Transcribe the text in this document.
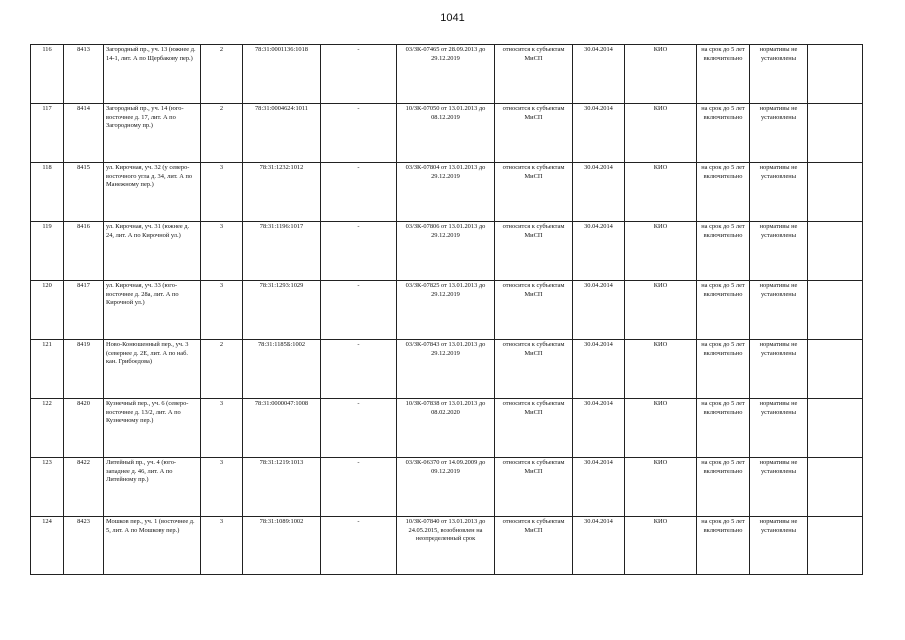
1041
116	8413	Загородный пр., уч. 13 (южнее д. 14-1, лит. А по Щербакову пер.)	2	78:31:0001136:1018	-	03/ЗК-07465 от 28.09.2013 до 29.12.2019	относится к субъектам МиСП	30.04.2014	КИО	на срок до 5 лет включительно	нормативы не установлены	
117	8414	Загородный пр., уч. 14 (юго-восточнее д. 17, лит. А по Загородному пр.)	2	78:31:0004624:1011	-	10/ЗК-07050 от 13.01.2013 до 08.12.2019	относится к субъектам МиСП	30.04.2014	КИО	на срок до 5 лет включительно	нормативы не установлены	
118	8415	ул. Кирочная, уч. 32 (у северо-восточного угла д. 34, лит. А по Манежному пер.)	3	78:31:1232:1012	-	03/ЗК-07804 от 13.01.2013 до 29.12.2019	относится к субъектам МиСП	30.04.2014	КИО	на срок до 5 лет включительно	нормативы не установлены	
119	8416	ул. Кирочная, уч. 31 (южнее д. 24, лит. А по Кирочной ул.)	3	78:31:1196:1017	-	03/ЗК-07806 от 13.01.2013 до 29.12.2019	относится к субъектам МиСП	30.04.2014	КИО	на срок до 5 лет включительно	нормативы не установлены	
120	8417	ул. Кирочная, уч. 33 (юго-восточнее д. 28а, лит. А по Кирочной ул.)	3	78:31:1293:1029	-	03/ЗК-07825 от 13.01.2013 до 29.12.2019	относится к субъектам МиСП	30.04.2014	КИО	на срок до 5 лет включительно	нормативы не установлены	
121	8419	Ново-Конюшенный пер., уч. 3 (севернее д. 2Е, лит. А по наб. кан. Грибоедова)	2	78:31:1185Б:1002	-	03/ЗК-07843 от 13.01.2013 до 29.12.2019	относится к субъектам МиСП	30.04.2014	КИО	на срок до 5 лет включительно	нормативы не установлены	
122	8420	Кузнечный пер., уч. 6 (северо-восточнее д. 13/2, лит. А по Кузнечному пер.)	3	78:31:0000047:1008	-	10/ЗК-07838 от 13.01.2013 до 08.02.2020	относится к субъектам МиСП	30.04.2014	КИО	на срок до 5 лет включительно	нормативы не установлены	
123	8422	Литейный пр., уч. 4 (юго-западнее д. 46, лит. А по Литейному пр.)	3	78:31:1219:1013	-	03/ЗК-06370 от 14.09.2009 до 09.12.2019	относится к субъектам МиСП	30.04.2014	КИО	на срок до 5 лет включительно	нормативы не установлены	
124	8423	Мошков пер., уч. 1 (восточнее д. 5, лит. А по Мошкову пер.)	3	78:31:1089:1002	-	10/ЗК-07840 от 13.01.2013 до 24.05.2015, возобновлен на неопределенный срок	относится к субъектам МиСП	30.04.2014	КИО	на срок до 5 лет включительно	нормативы не установлены	
